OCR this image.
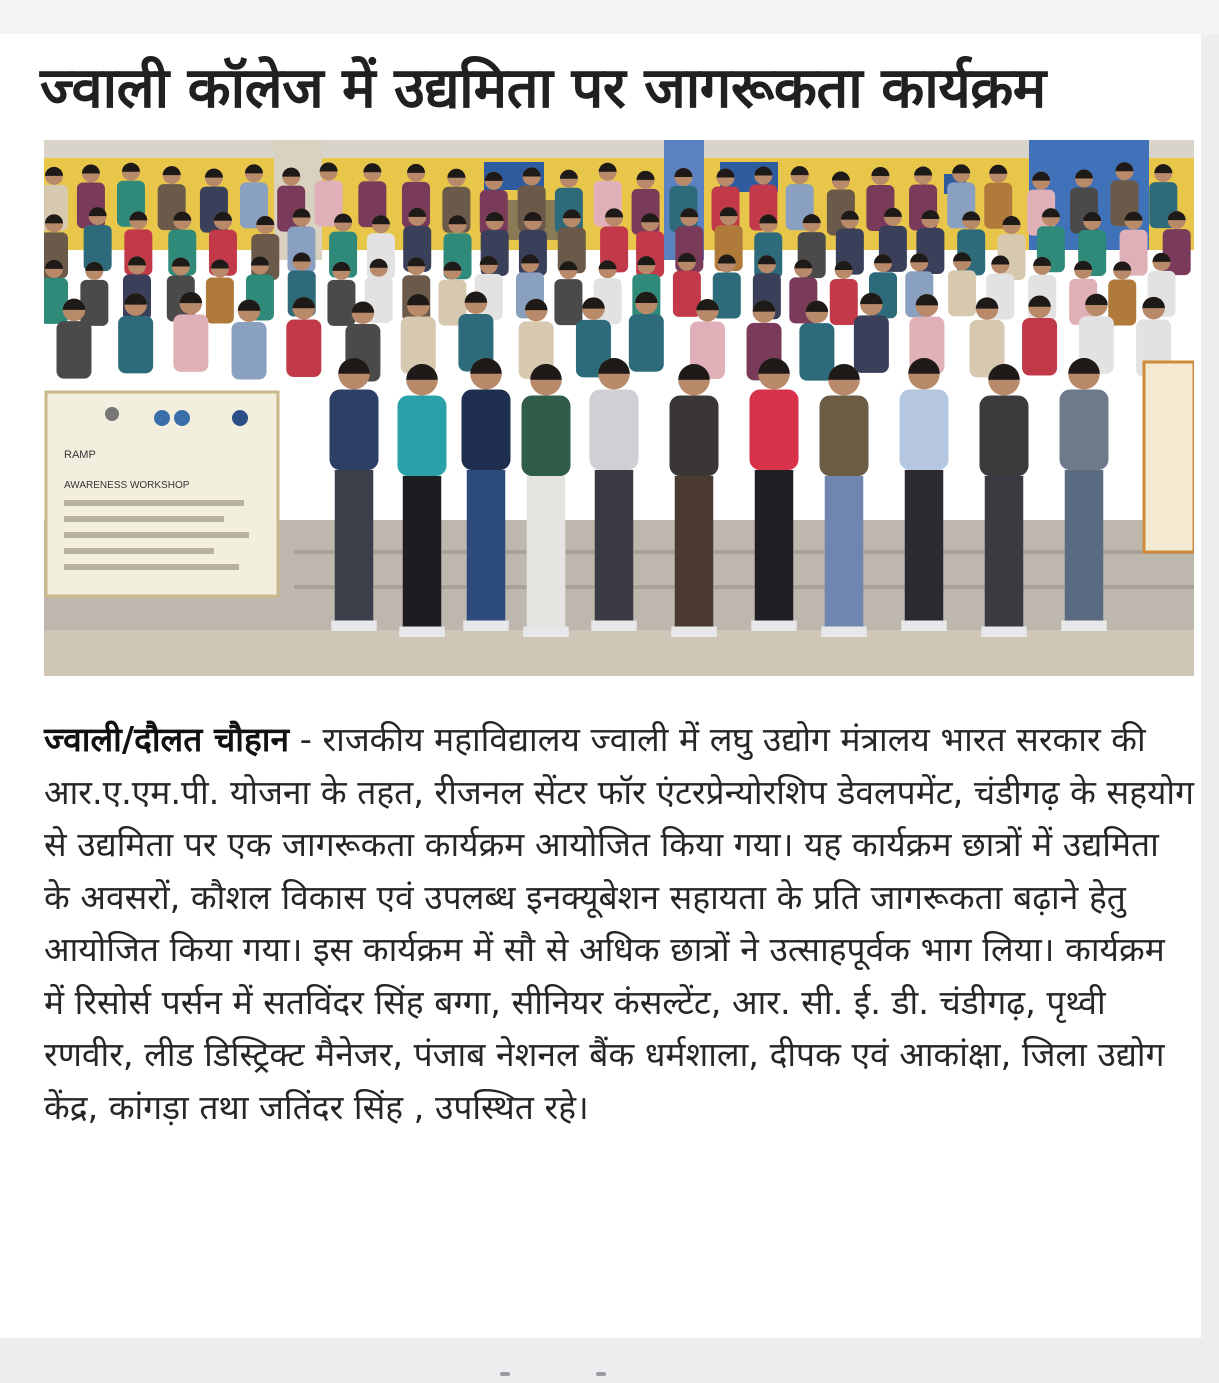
ज्वाली कॉलेज में उद्यमिता पर जागरूकता कार्यक्रम
RAMP
AWARENESS WORKSHOP

ज्वाली/दौलत चौहान - राजकीय महाविद्यालय ज्वाली में लघु उद्योग मंत्रालय भारत सरकार की आर.ए.एम.पी. योजना के तहत, रीजनल सेंटर फॉर एंटरप्रेन्योरशिप डेवलपमेंट, चंडीगढ़ के सहयोग से उद्यमिता पर एक जागरूकता कार्यक्रम आयोजित किया गया। यह कार्यक्रम छात्रों में उद्यमिता के अवसरों, कौशल विकास एवं उपलब्ध इनक्यूबेशन सहायता के प्रति जागरूकता बढ़ाने हेतु आयोजित किया गया। इस कार्यक्रम में सौ से अधिक छात्रों ने उत्साहपूर्वक भाग लिया। कार्यक्रम में रिसोर्स पर्सन में सतविंदर सिंह बग्गा, सीनियर कंसल्टेंट, आर. सी. ई. डी. चंडीगढ़, पृथ्वी रणवीर, लीड डिस्ट्रिक्ट मैनेजर, पंजाब नेशनल बैंक धर्मशाला, दीपक एवं आकांक्षा, जिला उद्योग केंद्र, कांगड़ा तथा जतिंदर सिंह , उपस्थित रहे।
